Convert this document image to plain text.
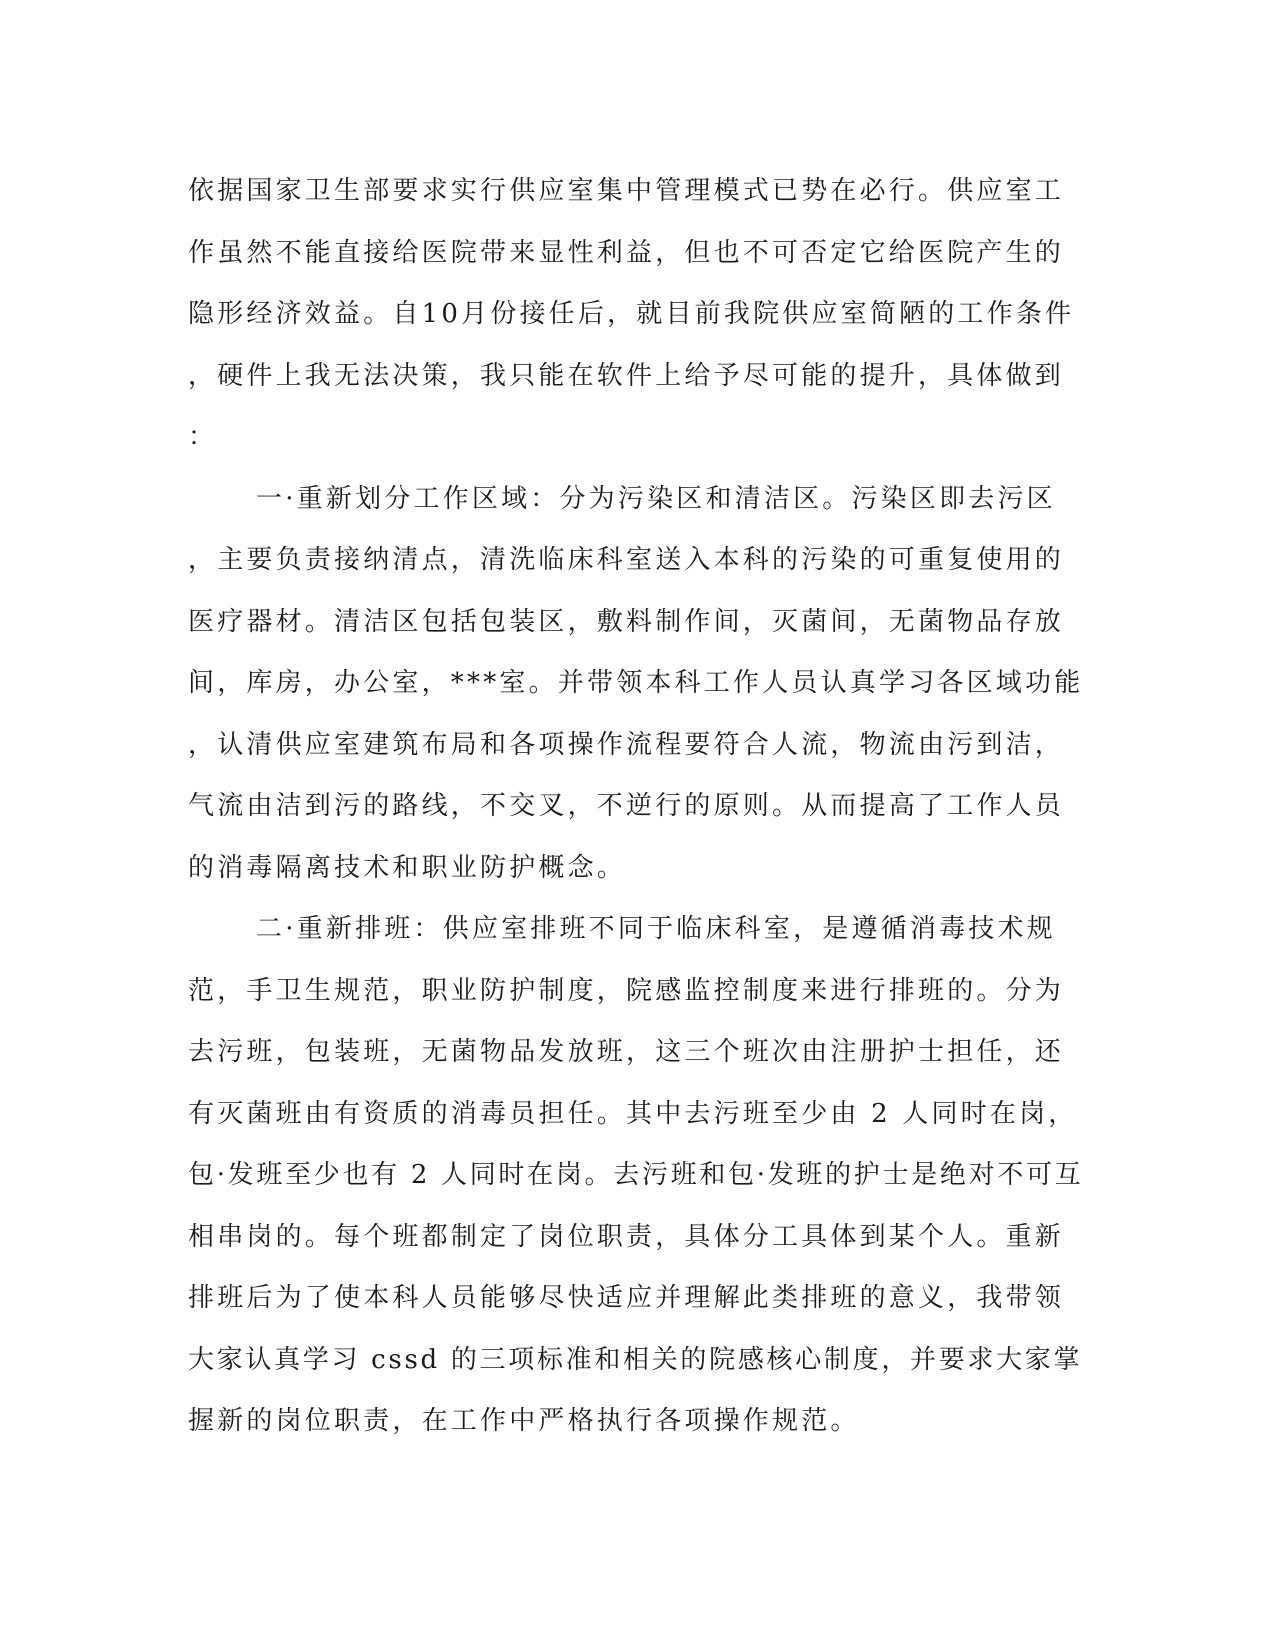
依据国家卫生部要求实行供应室集中管理模式已势在必行。供应室工
作虽然不能直接给医院带来显性利益，但也不可否定它给医院产生的
隐形经济效益。自10月份接任后，就目前我院供应室简陋的工作条件
，硬件上我无法决策，我只能在软件上给予尽可能的提升，具体做到
：
一·重新划分工作区域：分为污染区和清洁区。污染区即去污区
，主要负责接纳清点，清洗临床科室送入本科的污染的可重复使用的
医疗器材。清洁区包括包装区，敷料制作间，灭菌间，无菌物品存放
间，库房，办公室，***室。并带领本科工作人员认真学习各区域功能
，认清供应室建筑布局和各项操作流程要符合人流，物流由污到洁，
气流由洁到污的路线，不交叉，不逆行的原则。从而提高了工作人员
的消毒隔离技术和职业防护概念。
二·重新排班：供应室排班不同于临床科室，是遵循消毒技术规
范，手卫生规范，职业防护制度，院感监控制度来进行排班的。分为
去污班，包装班，无菌物品发放班，这三个班次由注册护士担任，还
有灭菌班由有资质的消毒员担任。其中去污班至少由 2 人同时在岗，
包·发班至少也有 2 人同时在岗。去污班和包·发班的护士是绝对不可互
相串岗的。每个班都制定了岗位职责，具体分工具体到某个人。重新
排班后为了使本科人员能够尽快适应并理解此类排班的意义，我带领
大家认真学习 cssd 的三项标准和相关的院感核心制度，并要求大家掌
握新的岗位职责，在工作中严格执行各项操作规范。
